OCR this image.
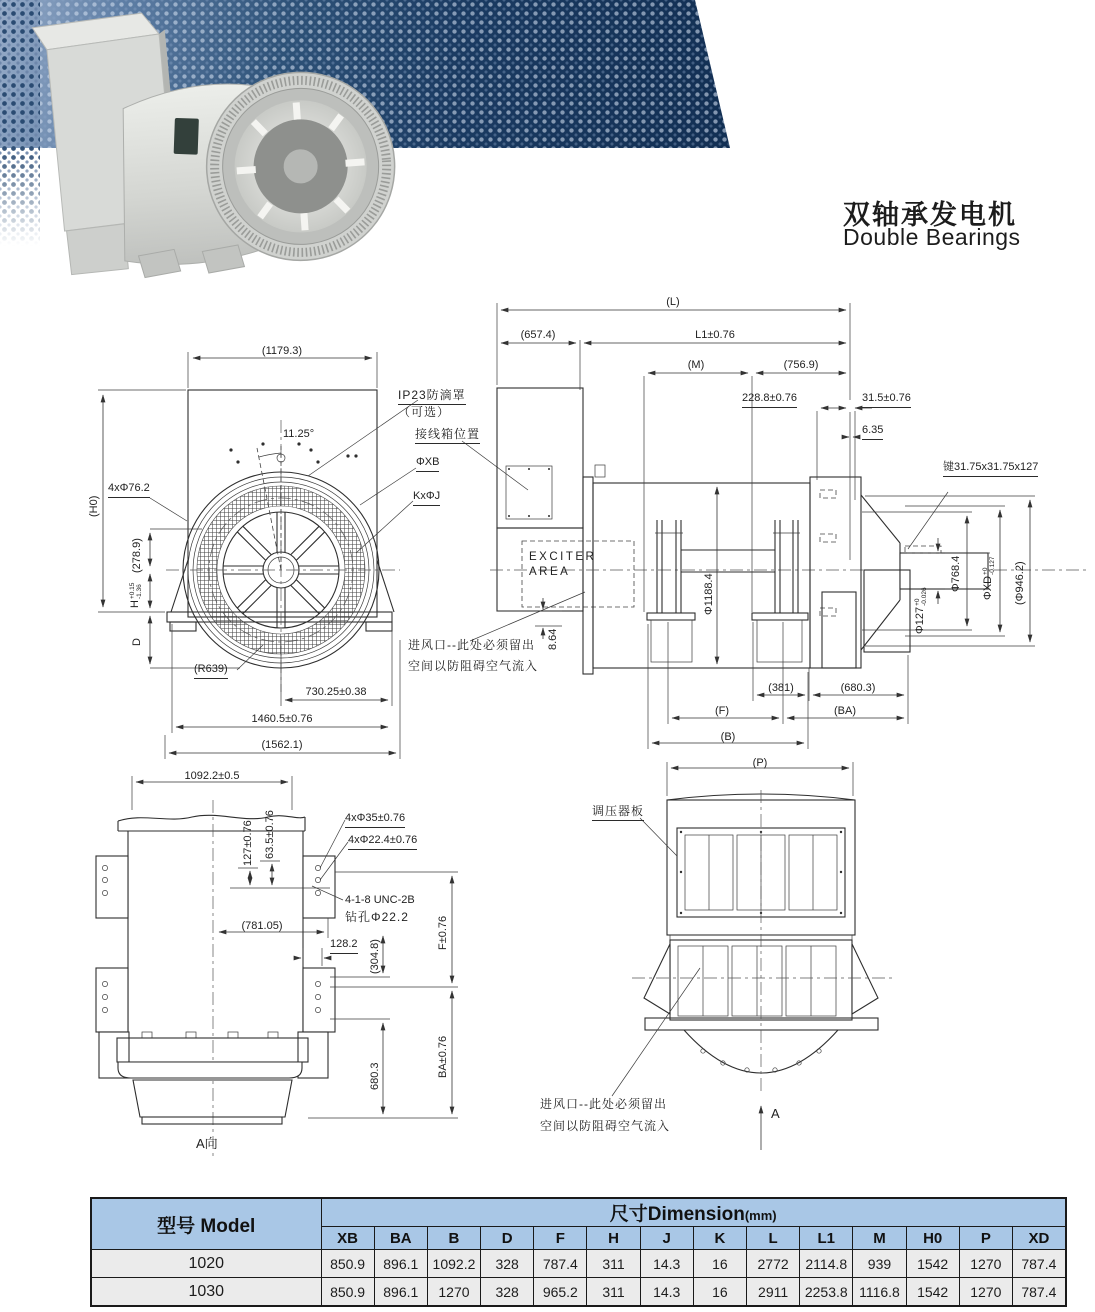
双轴承发电机
Double Bearings
(1179.3)
11.25°
IP23防滴罩
（可选）
接线箱位置
ΦXB
KxΦJ
4xΦ76.2
(H0)
(278.9)
H
+0.15 -1.36
D
(R639)
730.25±0.38
1460.5±0.76
(1562.1)
(L)
(657.4)	L1±0.76
(M)	(756.9)
228.8±0.76	31.5±0.76
6.35
键31.75x31.75x127
EXCITER
AREA
8.64
Φ1188.4	Φ768.4 ΦXD
+0 -0.127 (Φ946.2)
Φ127
+0 -0.026
(381)	(680.3)
(F)	(BA)
(B)
进风口--此处必须留出
空间以防阻碍空气流入
1092.2±0.5
127±0.76 63.5±0.76	4xΦ35±0.76
4xΦ22.4±0.76
4-1-8 UNC-2B
钻孔Φ22.2
(781.05)
128.2 (304.8)
F±0.76
680.3	BA±0.76
A向
(P)
调压器板
进风口--此处必须留出
空间以防阻碍空气流入
A
型号 Model	尺寸Dimension(mm)													
	XB	BA	B	D	F	H	J	K	L	L1	M	H0	P	XD
1020	850.9	896.1	1092.2	328	787.4	311	14.3	16	2772	2114.8	939	1542	1270	787.4
1030	850.9	896.1	1270	328	965.2	311	14.3	16	2911	2253.8	1116.8	1542	1270	787.4
